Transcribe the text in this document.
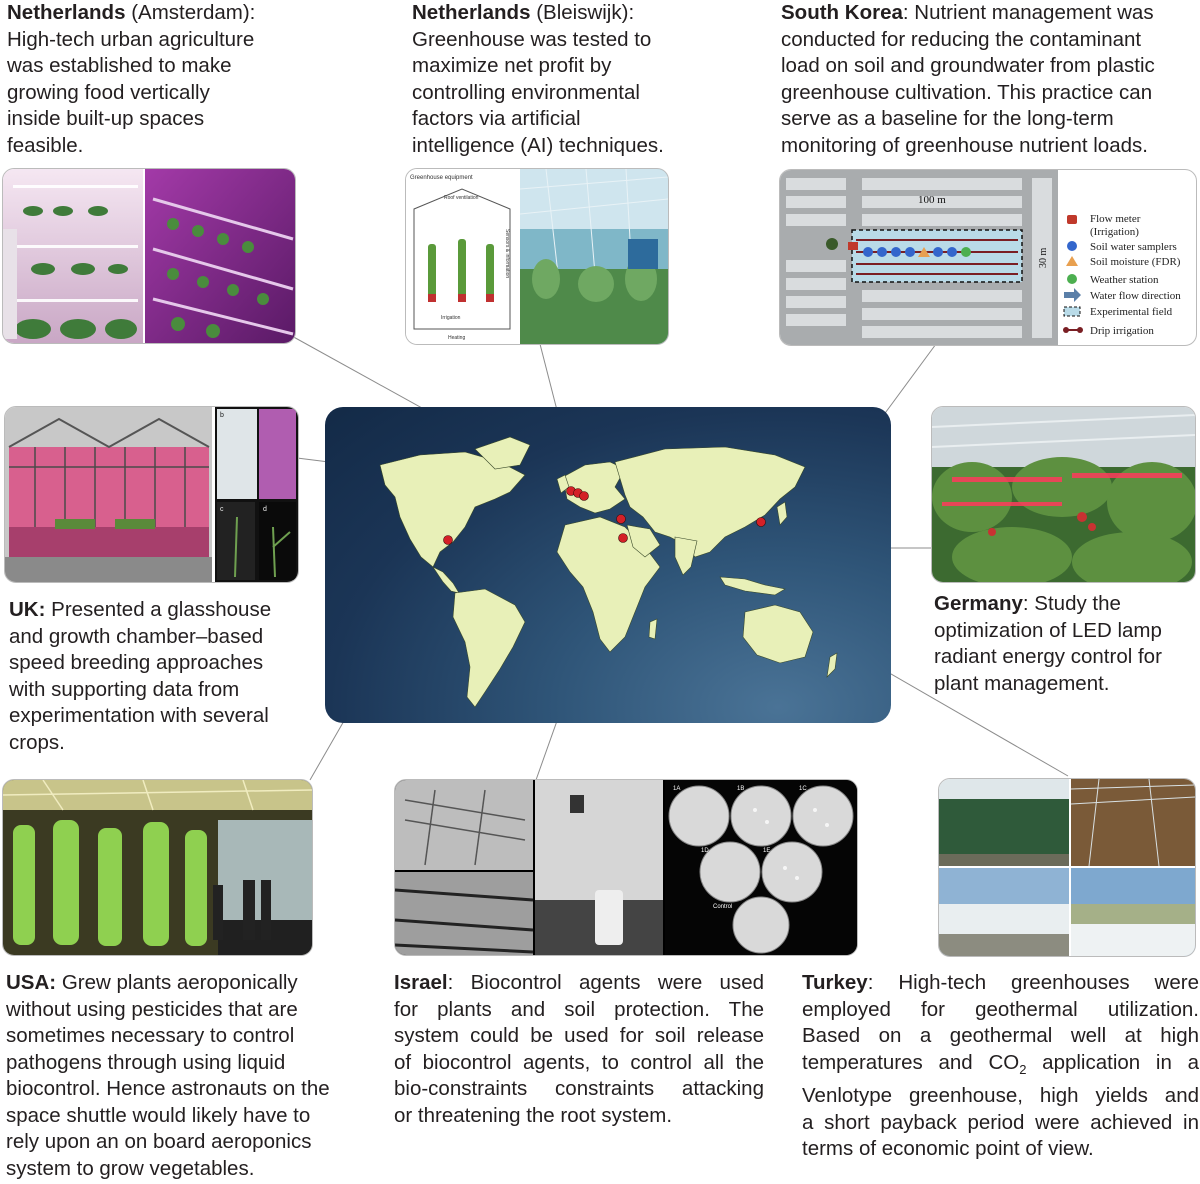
Netherlands (Amsterdam):
High-tech urban agriculture
was established to make
growing food vertically
inside built-up spaces
feasible.
Netherlands (Bleiswijk):
Greenhouse was tested to
maximize net profit by
controlling environmental
factors via artificial
intelligence (AI) techniques.
South Korea: Nutrient management was
conducted for reducing the contaminant
load on soil and groundwater from plastic
greenhouse cultivation. This practice can
serve as a baseline for the long-term
monitoring of greenhouse nutrient loads.
UK: Presented a glasshouse
and growth chamber–based
speed breeding approaches
with supporting data from
experimentation with several
crops.
Germany: Study the
optimization of LED lamp
radiant energy control for
plant management.
USA: Grew plants aeroponically
without using pesticides that are
sometimes necessary to control
pathogens through using liquid
biocontrol. Hence astronauts on the
space shuttle would likely have to
rely upon an on board aeroponics
system to grow vegetables.
Israel: Biocontrol agents were used
for plants and soil protection. The
system could be used for soil release
of biocontrol agents, to control all the
bio-constraints constraints attacking
or threatening the root system.
Turkey: High-tech greenhouses were
employed for geothermal utilization.
Based on a geothermal well at high
temperatures and $CO_2$ application in a
Venlotype greenhouse, high yields and
a short payback period were achieved in
terms of economic point of view.
Greenhouse equipment
Roof ventilation
Irrigation
Heating
Sensors & information
100 m
30 m
Flow meter
(Irrigation)
Soil water samplers
Soil moisture (FDR)
Weather station
Water flow direction
Experimental field
Drip irrigation
b
c	d
1A	1B	1C
1D	1E
Control
